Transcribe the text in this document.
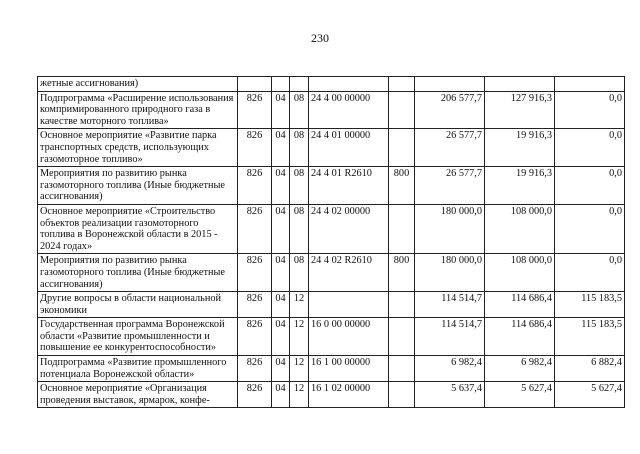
230
жетные ассигнования)								
Подпрограмма «Расширение использования компримированного природного газа в качестве моторного топлива»	826	04	08	24 4 00 00000		206 577,7	127 916,3	0,0
Основное мероприятие «Развитие парка транспортных средств, использующих газомоторное топливо»	826	04	08	24 4 01 00000		26 577,7	19 916,3	0,0
Мероприятия по развитию рынка газомоторного топлива (Иные бюджетные ассигнования)	826	04	08	24 4 01 R2610	800	26 577,7	19 916,3	0,0
Основное мероприятие «Строительство объектов реализации газомоторного топлива в Воронежской области в 2015 - 2024 годах»	826	04	08	24 4 02 00000		180 000,0	108 000,0	0,0
Мероприятия по развитию рынка газомоторного топлива (Иные бюджетные ассигнования)	826	04	08	24 4 02 R2610	800	180 000,0	108 000,0	0,0
Другие вопросы в области национальной экономики	826	04	12			114 514,7	114 686,4	115 183,5
Государственная программа Воронежской области «Развитие промышленности и повышение ее конкурентоспособности»	826	04	12	16 0 00 00000		114 514,7	114 686,4	115 183,5
Подпрограмма «Развитие промышленного потенциала Воронежской области»	826	04	12	16 1 00 00000		6 982,4	6 982,4	6 882,4
Основное мероприятие «Организация проведения выставок, ярмарок, конфе-	826	04	12	16 1 02 00000		5 637,4	5 627,4	5 627,4
